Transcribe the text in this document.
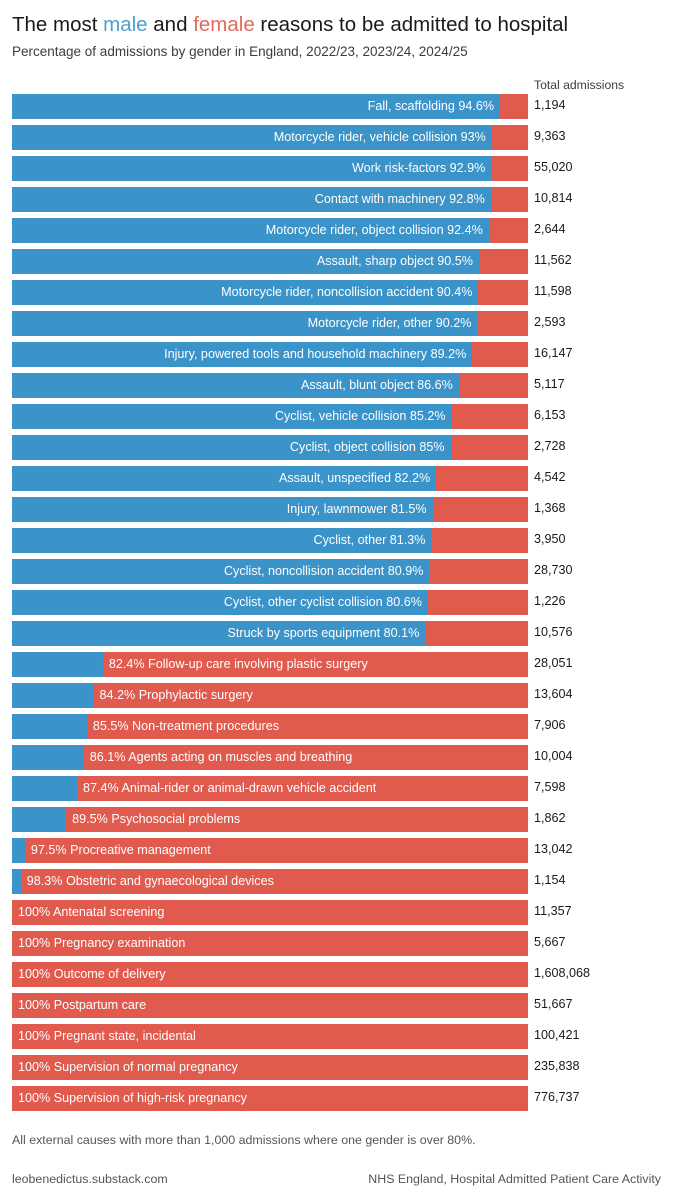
The most male and female reasons to be admitted to hospital
Percentage of admissions by gender in England, 2022/23, 2023/24, 2024/25
Total admissions
Fall, scaffolding 94.6%	1,194
Motorcycle rider, vehicle collision 93%	9,363
Work risk-factors 92.9%	55,020
Contact with machinery 92.8%	10,814
Motorcycle rider, object collision 92.4%	2,644
Assault, sharp object 90.5%	11,562
Motorcycle rider, noncollision accident 90.4%	11,598
Motorcycle rider, other 90.2%	2,593
Injury, powered tools and household machinery 89.2%	16,147
Assault, blunt object 86.6%	5,117
Cyclist, vehicle collision 85.2%	6,153
Cyclist, object collision 85%	2,728
Assault, unspecified 82.2%	4,542
Injury, lawnmower 81.5%	1,368
Cyclist, other 81.3%	3,950
Cyclist, noncollision accident 80.9%	28,730
Cyclist, other cyclist collision 80.6%	1,226
Struck by sports equipment 80.1%	10,576
82.4% Follow-up care involving plastic surgery	28,051
84.2% Prophylactic surgery	13,604
85.5% Non-treatment procedures	7,906
86.1% Agents acting on muscles and breathing	10,004
87.4% Animal-rider or animal-drawn vehicle accident	7,598
89.5% Psychosocial problems	1,862
97.5% Procreative management	13,042
98.3% Obstetric and gynaecological devices	1,154
100% Antenatal screening	11,357
100% Pregnancy examination	5,667
100% Outcome of delivery	1,608,068
100% Postpartum care	51,667
100% Pregnant state, incidental	100,421
100% Supervision of normal pregnancy	235,838
100% Supervision of high-risk pregnancy	776,737
All external causes with more than 1,000 admissions where one gender is over 80%.
leobenedictus.substack.com	NHS England, Hospital Admitted Patient Care Activity
